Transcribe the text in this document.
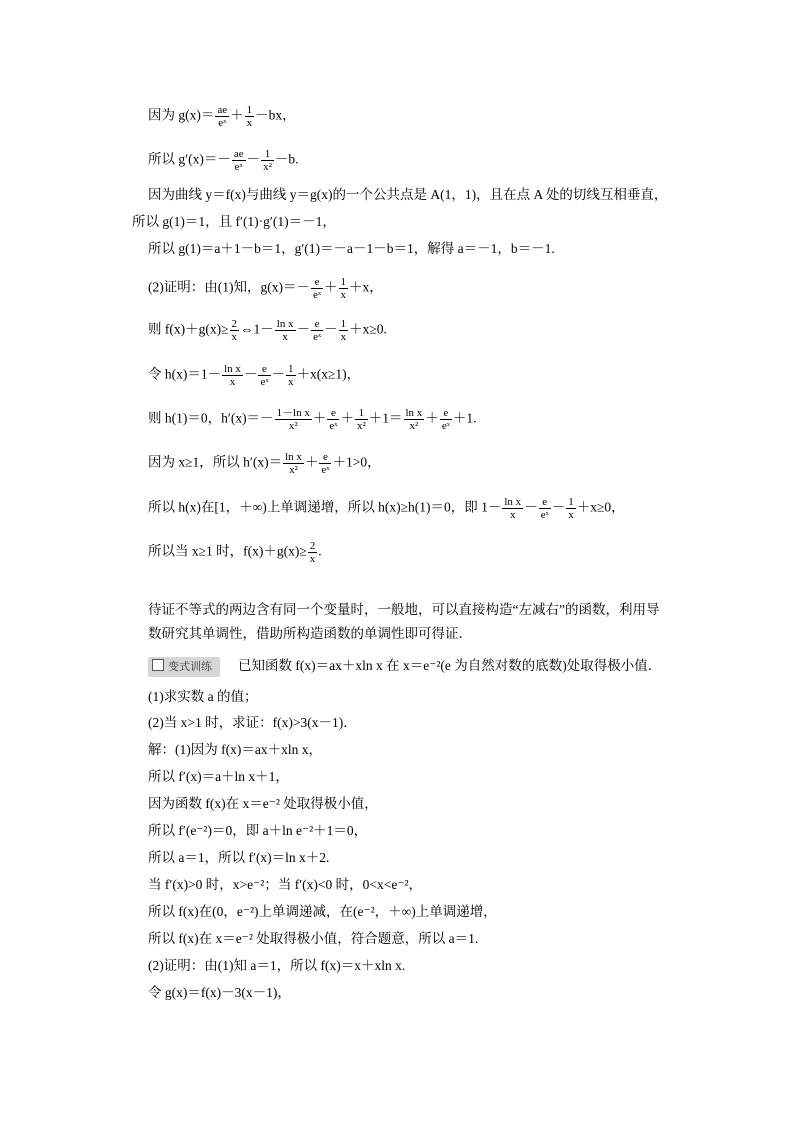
因为 $g(x)= \frac{ae}{\text{eˣ}} + \frac{1}{x} -bx$，
所以 $g'(x)=- \frac{ae}{\text{eˣ}} - \frac{1}{\text{x²}} -b$.
因为曲线 y＝f(x)与曲线 y＝g(x)的一个公共点是 A(1，1)，且在点 A 处的切线互相垂直，
所以 g(1)＝1，且 f′(1)·g′(1)＝－1，
所以 g(1)＝a＋1－b＝1，g′(1)＝－a－1－b＝1，解得 a＝－1，b＝－1.
(2)证明：由(1)知，$g(x)=- \frac{e}{\text{eˣ}} + \frac{1}{x} +x$，
则 $f(x)+g(x)\ge \frac{2}{x}$ ⇔1－ $\frac{\text{ln x}}{x} - \frac{e}{\text{eˣ}} - \frac{1}{x} +x\ge 0$.
令 $h(x)=1- \frac{\text{ln x}}{x} - \frac{e}{\text{eˣ}} - \frac{1}{x} +x(x\ge 1)$，
则 h(1)＝0，$h'(x)=- \frac{\text{1－ln x}}{\text{x²}} + \frac{e}{\text{eˣ}} + \frac{1}{\text{x²}} +1= \frac{\text{ln x}}{\text{x²}} + \frac{e}{\text{eˣ}} +1$.
因为 x≥1，所以 $h'(x)= \frac{\text{ln x}}{\text{x²}} + \frac{e}{\text{eˣ}} +1>0$，
所以 h(x)在[1，＋∞)上单调递增，所以 h(x)≥h(1)＝0，即 $1- \frac{\text{ln x}}{x} - \frac{e}{\text{eˣ}} - \frac{1}{x} +x\ge 0$，
所以当 x≥1 时，$f(x)+g(x)\ge \frac{2}{x}$ .
待证不等式的两边含有同一个变量时，一般地，可以直接构造“左减右”的函数，利用导数研究其单调性，借助所构造函数的单调性即可得证．
变式训练 已知函数 f(x)＝ax＋xln x 在 x＝e⁻²(e 为自然对数的底数)处取得极小值．
(1)求实数 a 的值；
(2)当 x>1 时，求证：f(x)>3(x－1)．
解：(1)因为 f(x)＝ax＋xln x，
所以 f′(x)＝a＋ln x＋1，
因为函数 f(x)在 x＝e⁻² 处取得极小值，
所以 f′(e⁻²)＝0，即 a＋ln e⁻²＋1＝0，
所以 a＝1，所以 f′(x)＝ln x＋2.
当 f′(x)>0 时，x>e⁻²；当 f′(x)<0 时，0<x<e⁻²，
所以 f(x)在(0，e⁻²)上单调递减，在(e⁻²，＋∞)上单调递增，
所以 f(x)在 x＝e⁻² 处取得极小值，符合题意，所以 a＝1.
(2)证明：由(1)知 a＝1，所以 f(x)＝x＋xln x.
令 g(x)＝f(x)－3(x－1)，
